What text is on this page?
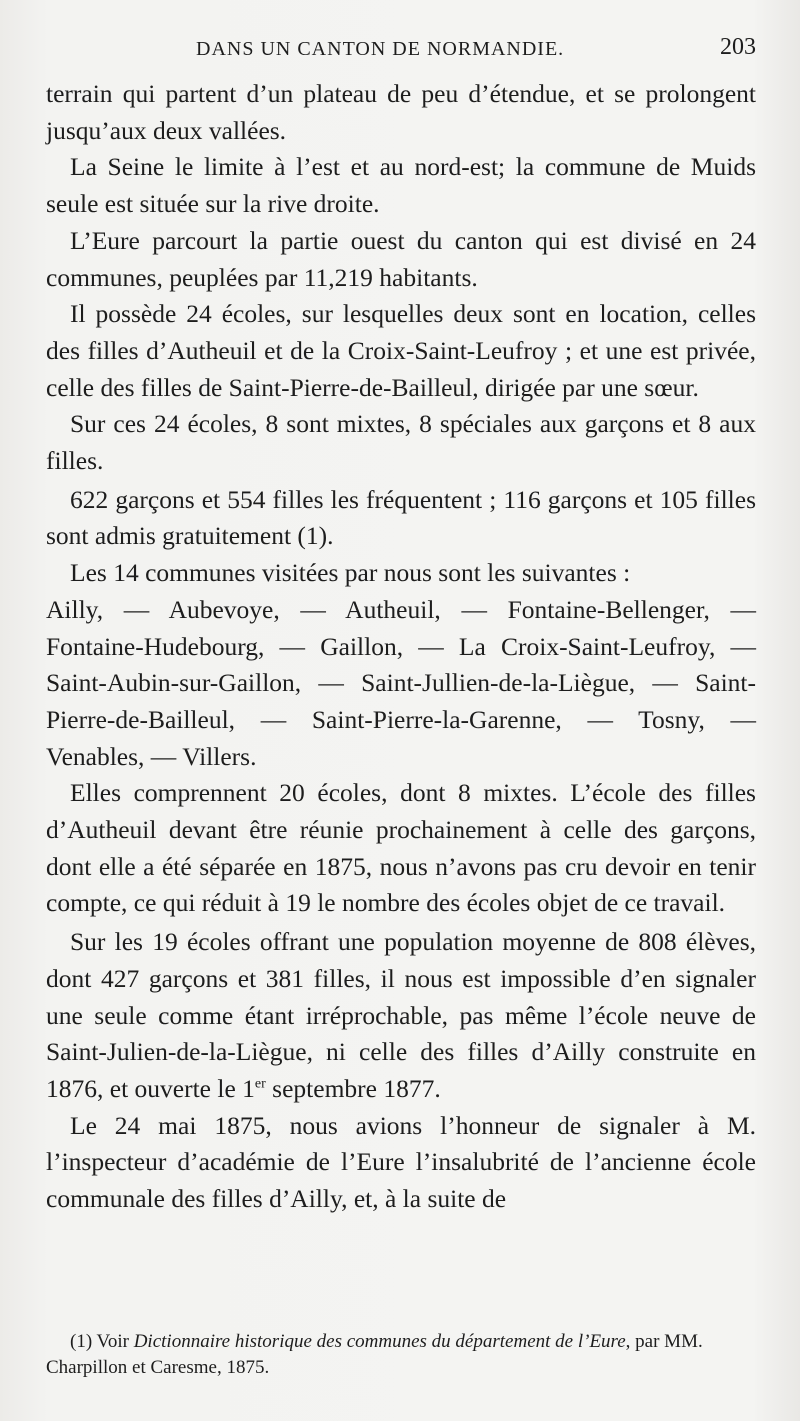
DANS UN CANTON DE NORMANDIE.	203

terrain qui partent d’un plateau de peu d’étendue, et se prolongent jusqu’aux deux vallées.

La Seine le limite à l’est et au nord-est; la commune de Muids seule est située sur la rive droite.

L’Eure parcourt la partie ouest du canton qui est divisé en 24 communes, peuplées par 11,219 habitants.

Il possède 24 écoles, sur lesquelles deux sont en location, celles des filles d’Autheuil et de la Croix-Saint-Leufroy ; et une est privée, celle des filles de Saint-Pierre-de-Bailleul, dirigée par une sœur.

Sur ces 24 écoles, 8 sont mixtes, 8 spéciales aux garçons et 8 aux filles.

622 garçons et 554 filles les fréquentent ; 116 garçons et 105 filles sont admis gratuitement (1).

Les 14 communes visitées par nous sont les suivantes :

Ailly, — Aubevoye, — Autheuil, — Fontaine-Bellenger, — Fontaine-Hudebourg, — Gaillon, — La Croix-Saint-Leufroy, — Saint-Aubin-sur-Gaillon, — Saint-Jullien-de-la-Liègue, — Saint-Pierre-de-Bailleul, — Saint-Pierre-la-Garenne, — Tosny, — Venables, — Villers.

Elles comprennent 20 écoles, dont 8 mixtes. L’école des filles d’Autheuil devant être réunie prochainement à celle des garçons, dont elle a été séparée en 1875, nous n’avons pas cru devoir en tenir compte, ce qui réduit à 19 le nombre des écoles objet de ce travail.

Sur les 19 écoles offrant une population moyenne de 808 élèves, dont 427 garçons et 381 filles, il nous est impossible d’en signaler une seule comme étant irréprochable, pas même l’école neuve de Saint-Julien-de-la-Liègue, ni celle des filles d’Ailly construite en 1876, et ouverte le 1er septembre 1877.

Le 24 mai 1875, nous avions l’honneur de signaler à M. l’inspecteur d’académie de l’Eure l’insalubrité de l’ancienne école communale des filles d’Ailly, et, à la suite de

(1) Voir Dictionnaire historique des communes du département de l’Eure, par MM. Charpillon et Caresme, 1875.
